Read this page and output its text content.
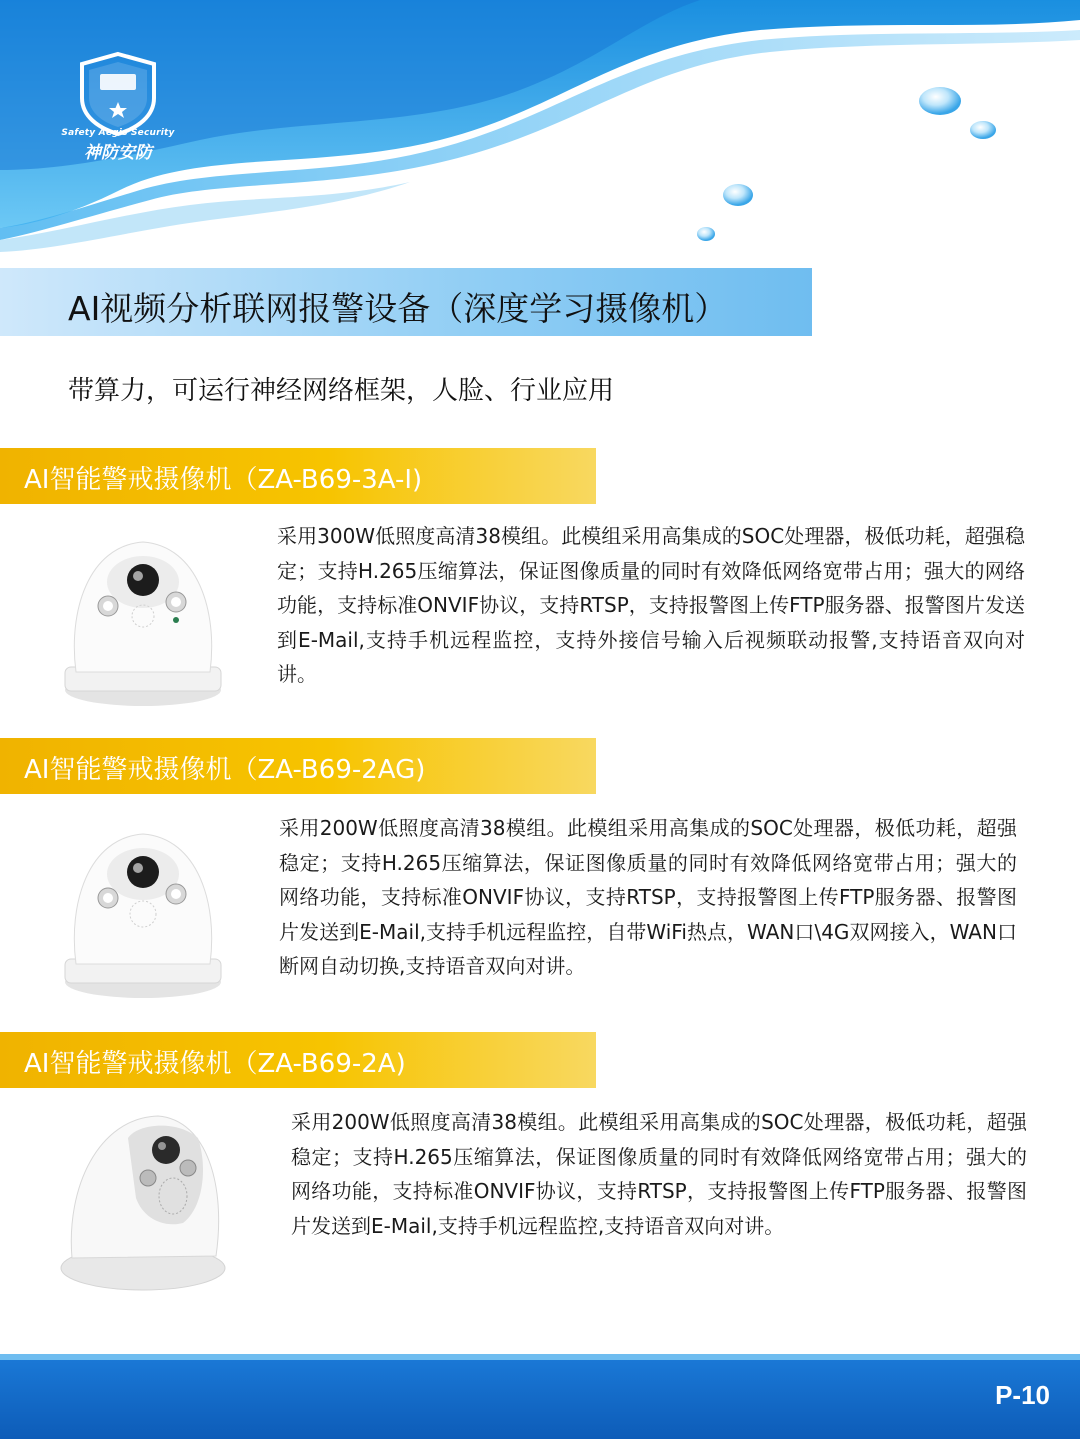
Safety Aegis Security
神防安防
AI视频分析联网报警设备（深度学习摄像机）
带算力，可运行神经网络框架，人脸、行业应用
AI智能警戒摄像机（ZA-B69-3A-I)
采用300W低照度高清38模组。此模组采用高集成的SOC处理器，极低功耗，超强稳定；支持H.265压缩算法，保证图像质量的同时有效降低网络宽带占用；强大的网络功能，支持标准ONVIF协议，支持RTSP，支持报警图上传FTP服务器、报警图片发送到E-Mail,支持手机远程监控，支持外接信号输入后视频联动报警,支持语音双向对讲。
AI智能警戒摄像机（ZA-B69-2AG)
采用200W低照度高清38模组。此模组采用高集成的SOC处理器，极低功耗，超强稳定；支持H.265压缩算法，保证图像质量的同时有效降低网络宽带占用；强大的网络功能，支持标准ONVIF协议，支持RTSP，支持报警图上传FTP服务器、报警图片发送到E-Mail,支持手机远程监控，自带WiFi热点，WAN口\4G双网接入，WAN口断网自动切换,支持语音双向对讲。
AI智能警戒摄像机（ZA-B69-2A)
采用200W低照度高清38模组。此模组采用高集成的SOC处理器，极低功耗，超强稳定；支持H.265压缩算法，保证图像质量的同时有效降低网络宽带占用；强大的网络功能，支持标准ONVIF协议，支持RTSP，支持报警图上传FTP服务器、报警图片发送到E-Mail,支持手机远程监控,支持语音双向对讲。
P-10
